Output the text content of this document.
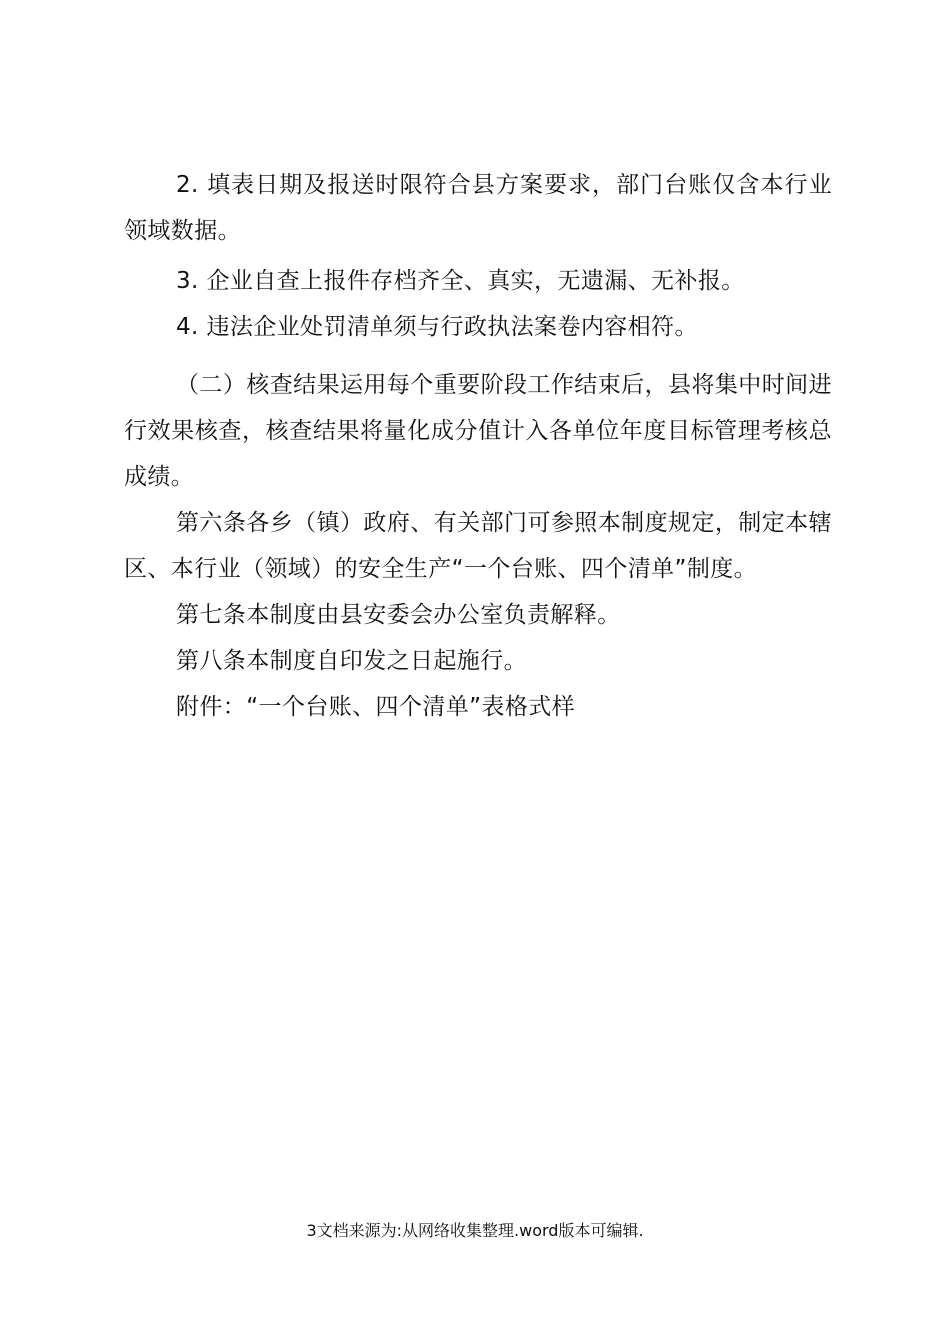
2. 填表日期及报送时限符合县方案要求，部门台账仅含本行业领域数据。

3. 企业自查上报件存档齐全、真实，无遗漏、无补报。

4. 违法企业处罚清单须与行政执法案卷内容相符。

（二）核查结果运用每个重要阶段工作结束后，县将集中时间进行效果核查，核查结果将量化成分值计入各单位年度目标管理考核总成绩。

第六条各乡（镇）政府、有关部门可参照本制度规定，制定本辖区、本行业（领域）的安全生产“一个台账、四个清单”制度。

第七条本制度由县安委会办公室负责解释。

第八条本制度自印发之日起施行。

附件：“一个台账、四个清单”表格式样

3文档来源为:从网络收集整理.word版本可编辑.
